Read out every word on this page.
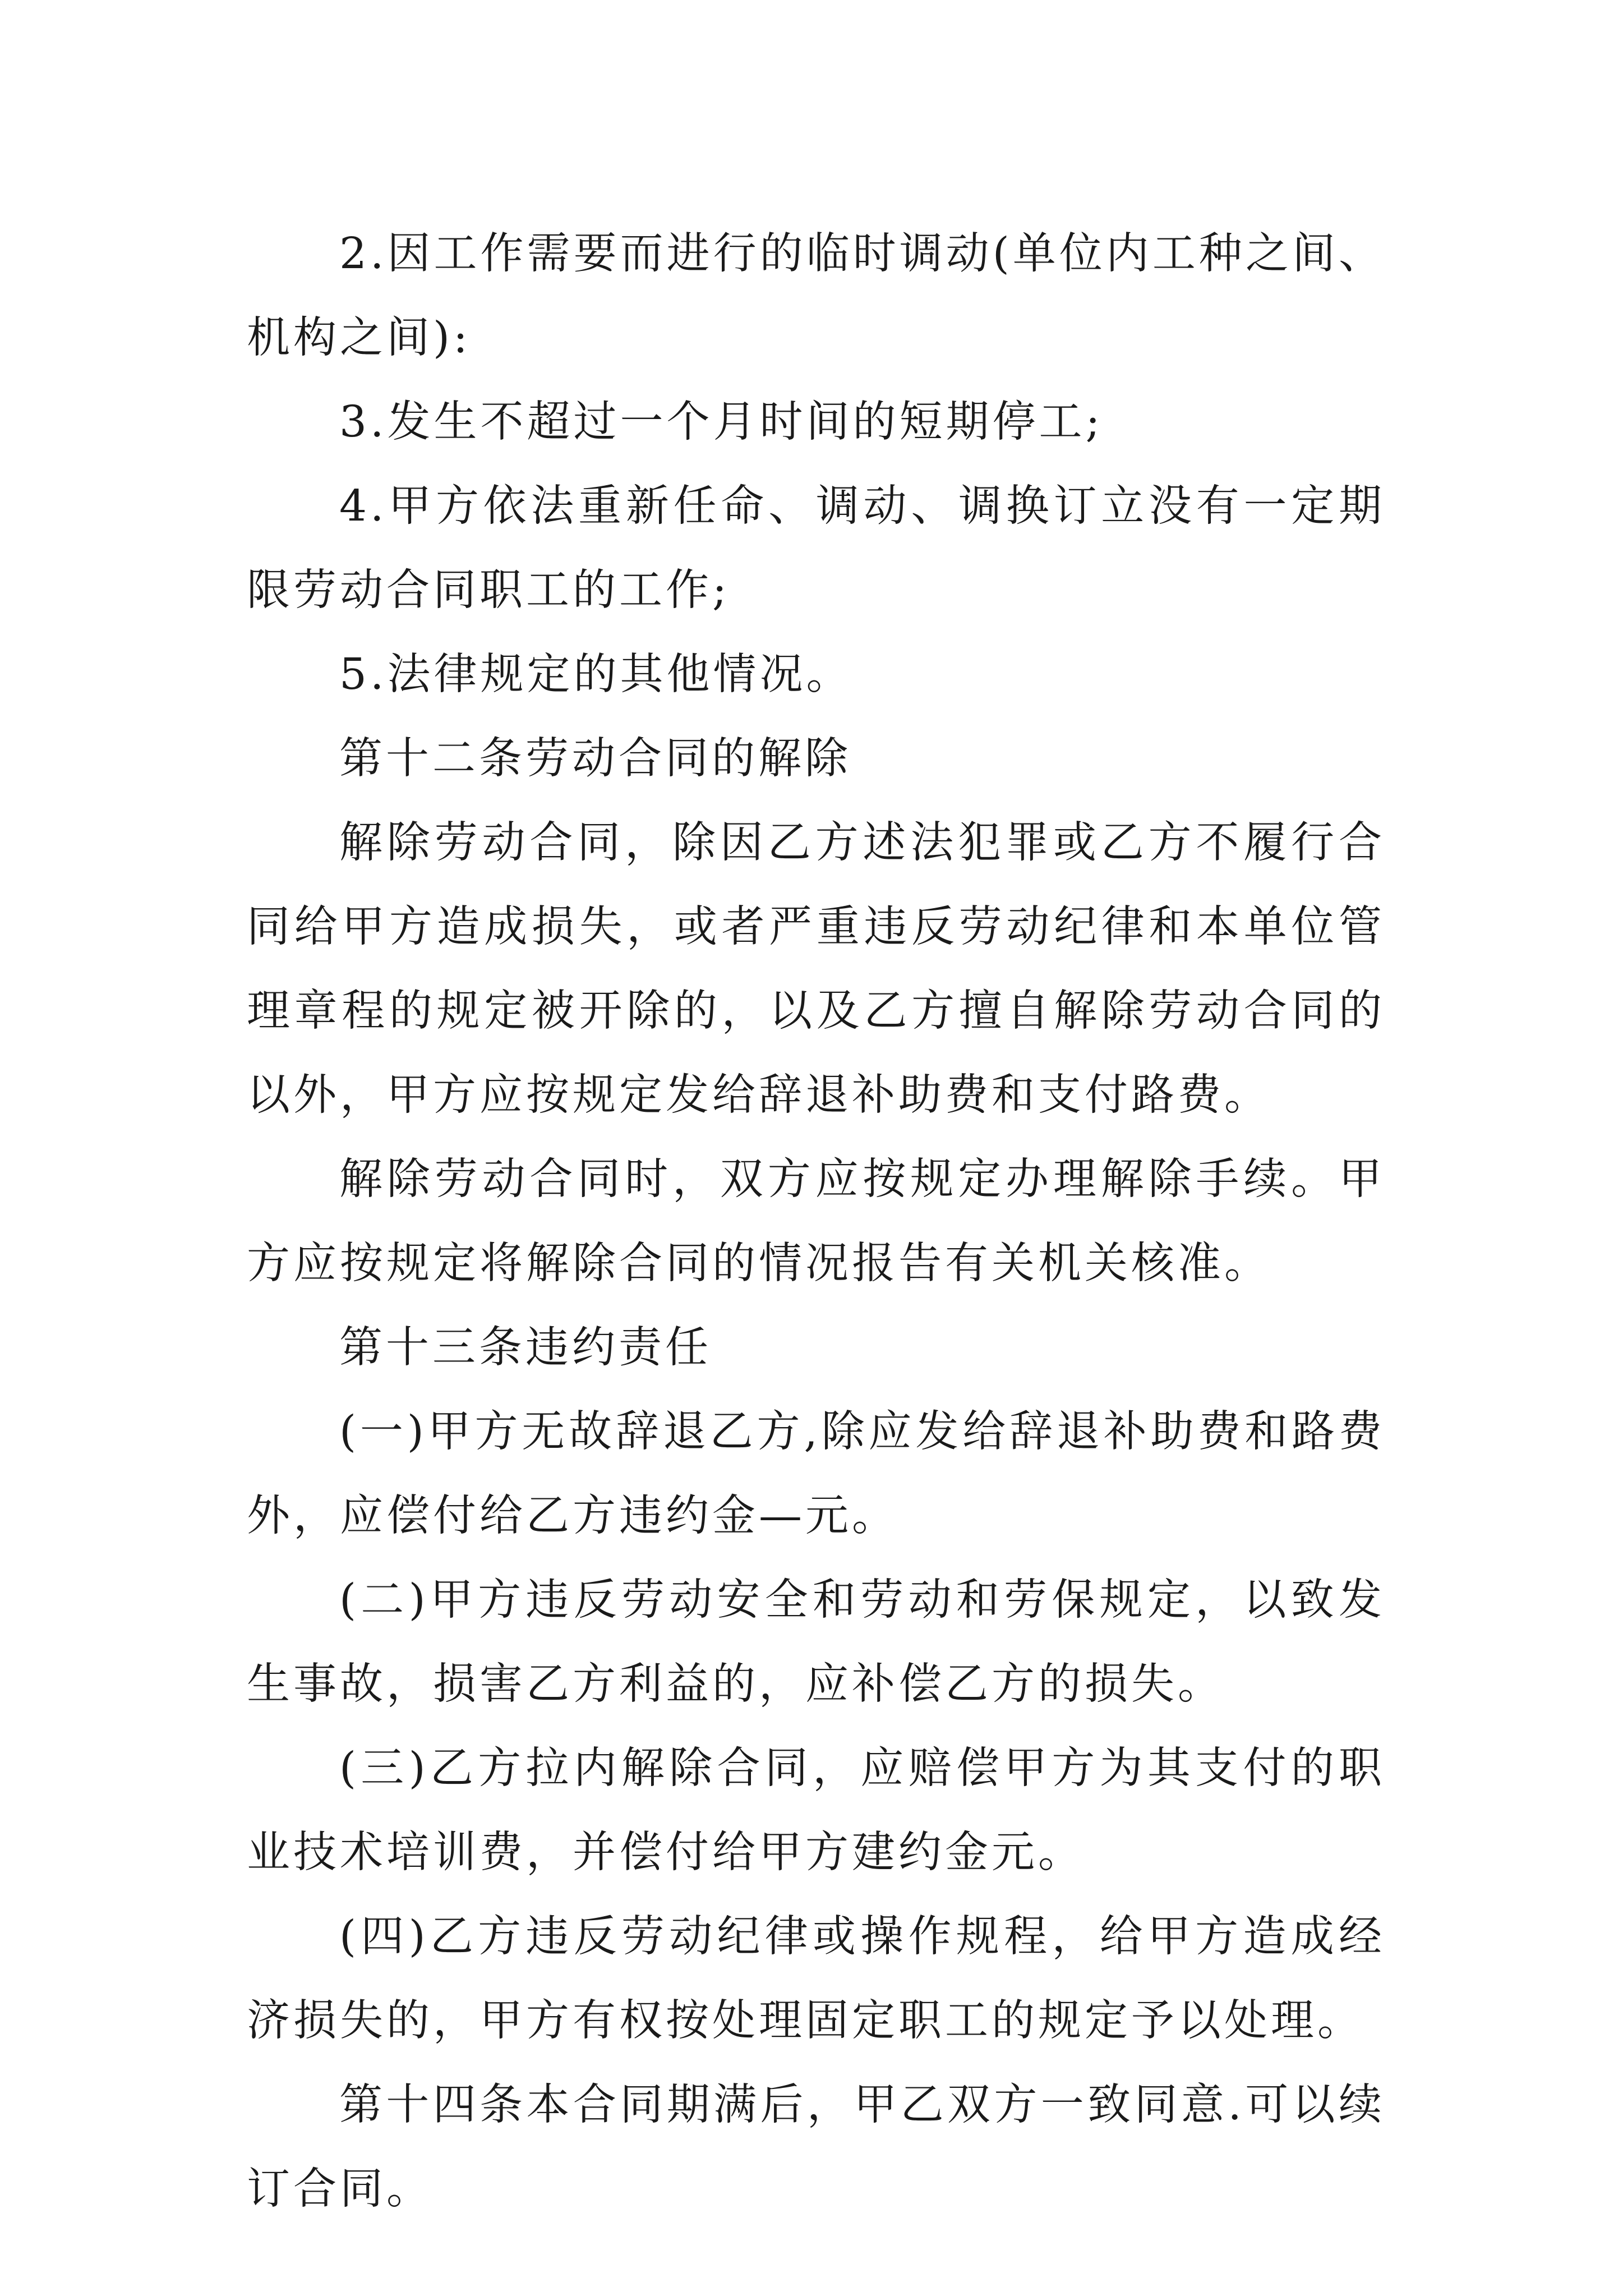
2.因工作需要而进行的临时调动(单位内工种之间、机构之间):

3.发生不超过一个月时间的短期停工;

4.甲方依法重新任命、调动、调换订立没有一定期限劳动合同职工的工作;

5.法律规定的其他情况。

第十二条劳动合同的解除

解除劳动合同，除因乙方述法犯罪或乙方不履行合同给甲方造成损失，或者严重违反劳动纪律和本单位管理章程的规定被开除的，以及乙方擅自解除劳动合同的以外，甲方应按规定发给辞退补助费和支付路费。

解除劳动合同时，双方应按规定办理解除手续。甲方应按规定将解除合同的情况报告有关机关核准。

第十三条违约责任

(一)甲方无故辞退乙方,除应发给辞退补助费和路费外，应偿付给乙方违约金—元。

(二)甲方违反劳动安全和劳动和劳保规定，以致发生事故，损害乙方利益的，应补偿乙方的损失。

(三)乙方拉内解除合同，应赔偿甲方为其支付的职业技术培训费，并偿付给甲方建约金元。

(四)乙方违反劳动纪律或操作规程，给甲方造成经济损失的，甲方有权按处理固定职工的规定予以处理。

第十四条本合同期满后，甲乙双方一致同意.可以续订合同。
